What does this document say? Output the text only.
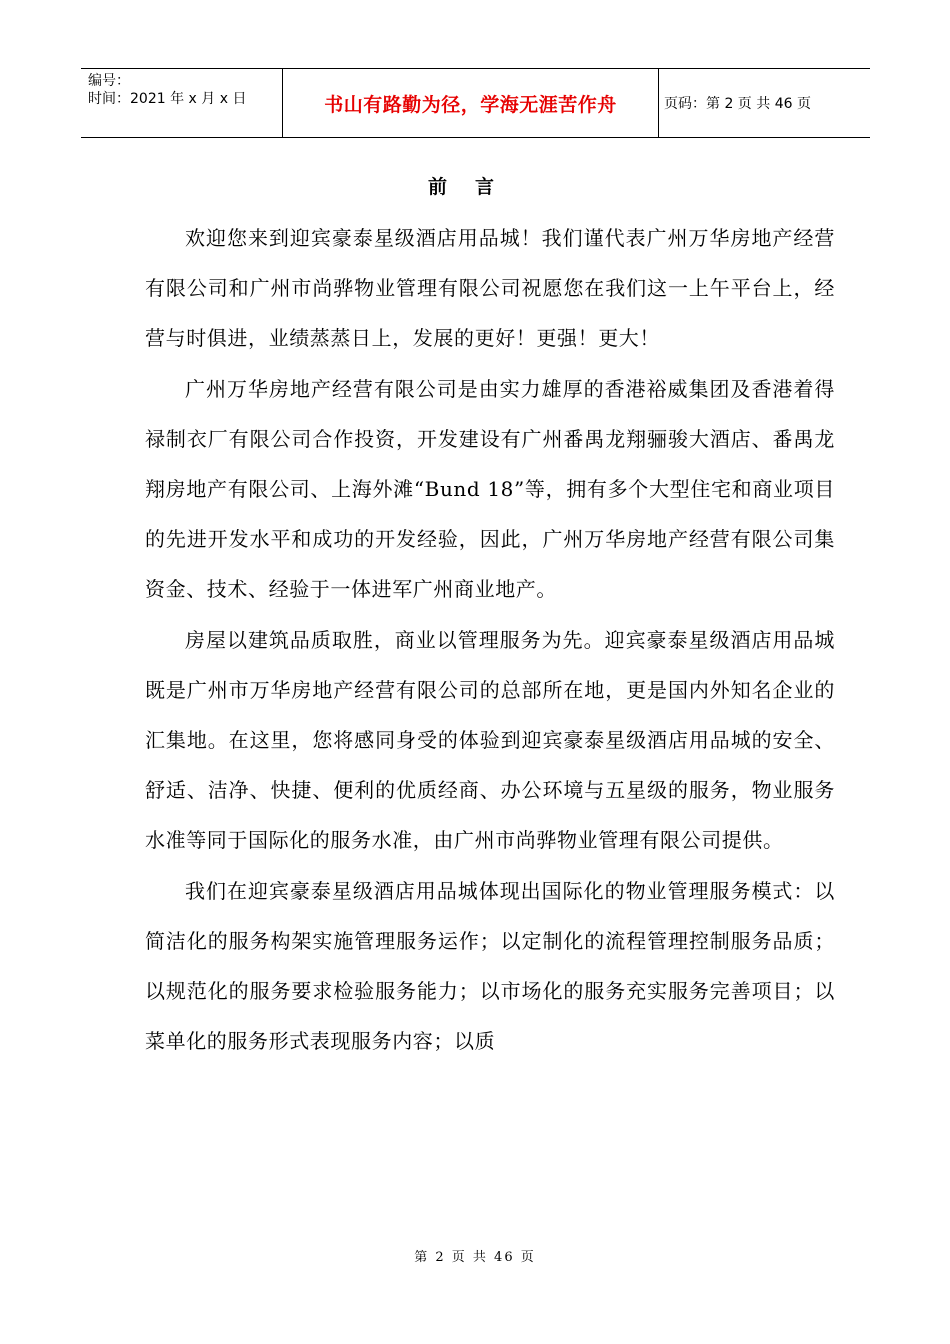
编号：
时间：2021 年 x 月 x 日	书山有路勤为径，学海无涯苦作舟	页码：第 2 页 共 46 页
前言

欢迎您来到迎宾豪泰星级酒店用品城！我们谨代表广州万华房地产经营有限公司和广州市尚骅物业管理有限公司祝愿您在我们这一上午平台上，经营与时俱进，业绩蒸蒸日上，发展的更好！更强！更大！

广州万华房地产经营有限公司是由实力雄厚的香港裕威集团及香港着得禄制衣厂有限公司合作投资，开发建设有广州番禺龙翔骊骏大酒店、番禺龙翔房地产有限公司、上海外滩“Bund 18”等，拥有多个大型住宅和商业项目的先进开发水平和成功的开发经验，因此，广州万华房地产经营有限公司集资金、技术、经验于一体进军广州商业地产。

房屋以建筑品质取胜，商业以管理服务为先。迎宾豪泰星级酒店用品城既是广州市万华房地产经营有限公司的总部所在地，更是国内外知名企业的汇集地。在这里，您将感同身受的体验到迎宾豪泰星级酒店用品城的安全、舒适、洁净、快捷、便利的优质经商、办公环境与五星级的服务，物业服务水准等同于国际化的服务水准，由广州市尚骅物业管理有限公司提供。

我们在迎宾豪泰星级酒店用品城体现出国际化的物业管理服务模式：以简洁化的服务构架实施管理服务运作；以定制化的流程管理控制服务品质；以规范化的服务要求检验服务能力；以市场化的服务充实服务完善项目；以菜单化的服务形式表现服务内容；以质

第 2 页 共 46 页
